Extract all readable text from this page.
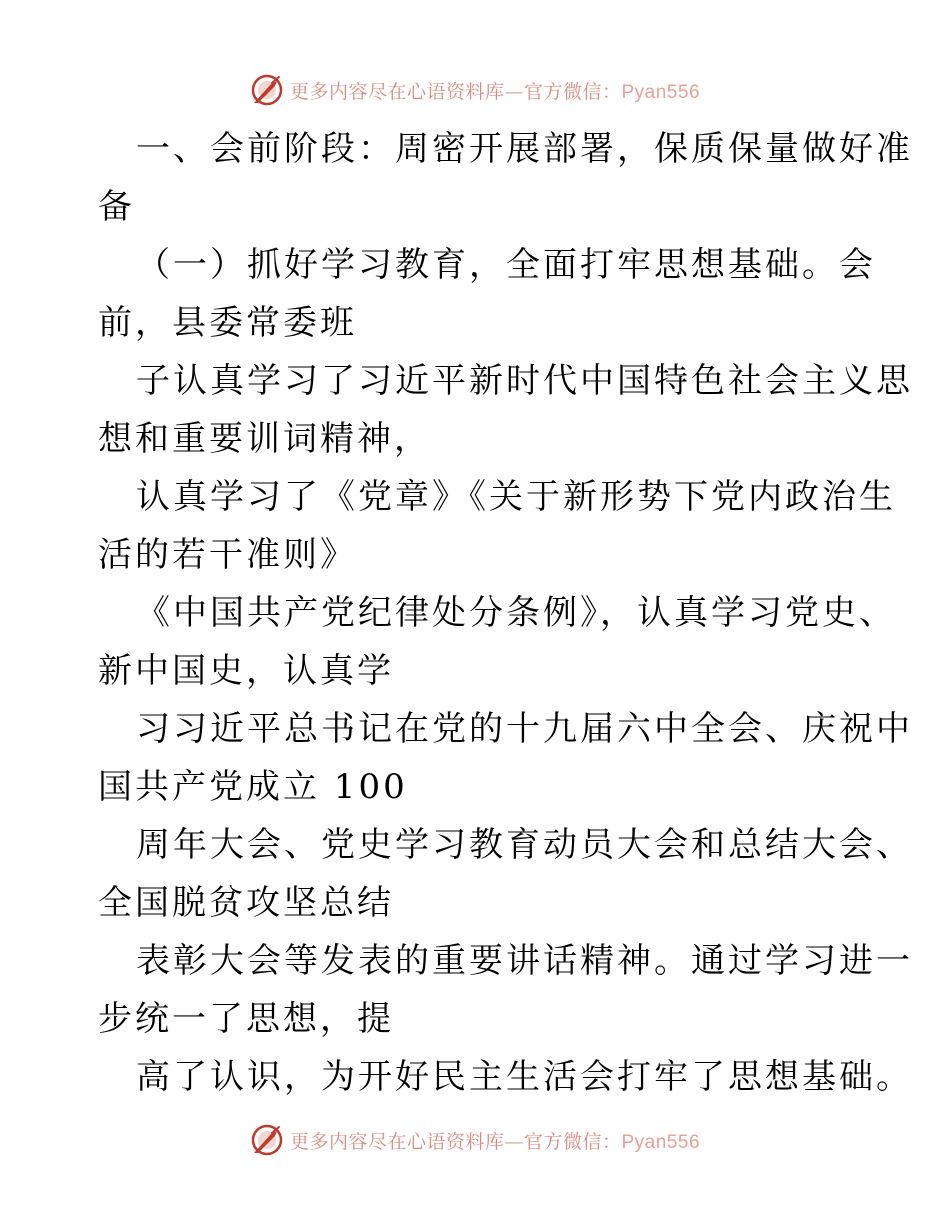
更多内容尽在心语资料库—官方微信：Pyan556
一、会前阶段：周密开展部署，保质保量做好准
备
（一）抓好学习教育，全面打牢思想基础。会
前，县委常委班
子认真学习了习近平新时代中国特色社会主义思
想和重要训词精神，
认真学习了《党章》《关于新形势下党内政治生
活的若干准则》
《中国共产党纪律处分条例》，认真学习党史、
新中国史，认真学
习习近平总书记在党的十九届六中全会、庆祝中
国共产党成立 100
周年大会、党史学习教育动员大会和总结大会、
全国脱贫攻坚总结
表彰大会等发表的重要讲话精神。通过学习进一
步统一了思想，提
高了认识，为开好民主生活会打牢了思想基础。
更多内容尽在心语资料库—官方微信：Pyan556
